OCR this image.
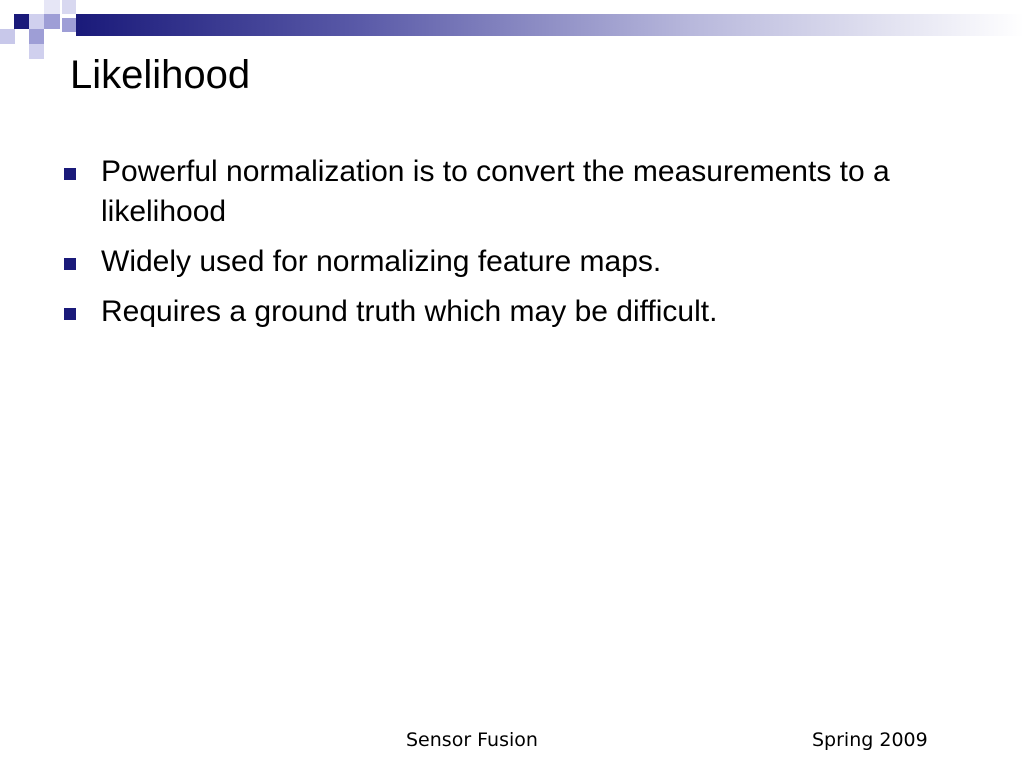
Likelihood
Powerful normalization is to convert the measurements to a likelihood
Widely used for normalizing feature maps.
Requires a ground truth which may be difficult.
Sensor Fusion	Spring 2009
